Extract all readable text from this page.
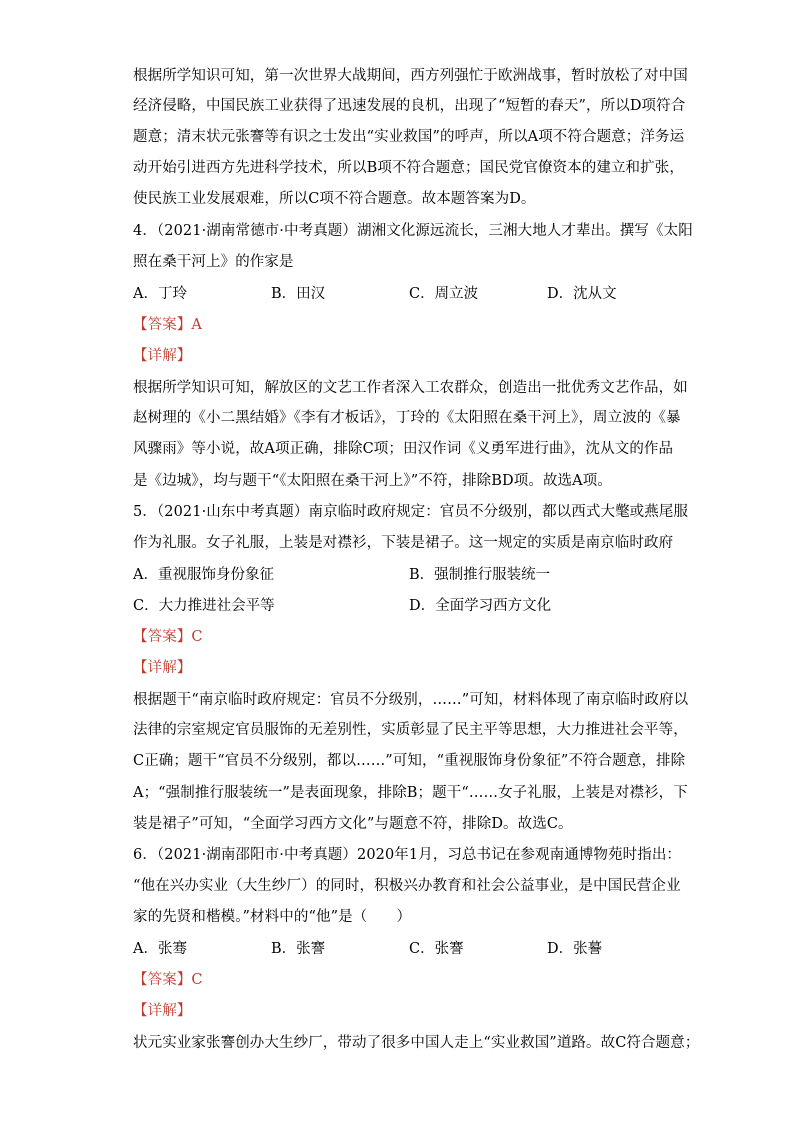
根据所学知识可知，第一次世界大战期间，西方列强忙于欧洲战事，暂时放松了对中国
经济侵略，中国民族工业获得了迅速发展的良机，出现了“短暂的春天”，所以D项符合
题意；清末状元张謇等有识之士发出“实业救国”的呼声，所以A项不符合题意；洋务运
动开始引进西方先进科学技术，所以B项不符合题意；国民党官僚资本的建立和扩张，
使民族工业发展艰难，所以C项不符合题意。故本题答案为D。
4．（2021·湖南常德市·中考真题）湖湘文化源远流长，三湘大地人才辈出。撰写《太阳
照在桑干河上》的作家是
A．丁玲	B．田汉	C．周立波	D．沈从文
【答案】A
【详解】
根据所学知识可知，解放区的文艺工作者深入工农群众，创造出一批优秀文艺作品，如
赵树理的《小二黑结婚》《李有才板话》，丁玲的《太阳照在桑干河上》，周立波的《暴
风骤雨》等小说，故A项正确，排除C项；田汉作词《义勇军进行曲》，沈从文的作品
是《边城》，均与题干“《太阳照在桑干河上》”不符，排除BD项。故选A项。
5．（2021·山东中考真题）南京临时政府规定：官员不分级别，都以西式大氅或燕尾服
作为礼服。女子礼服，上装是对襟衫，下装是裙子。这一规定的实质是南京临时政府
A．重视服饰身份象征	B．强制推行服装统一
C．大力推进社会平等	D．全面学习西方文化
【答案】C
【详解】
根据题干“南京临时政府规定：官员不分级别，……”可知，材料体现了南京临时政府以
法律的宗室规定官员服饰的无差别性，实质彰显了民主平等思想，大力推进社会平等，
C正确；题干“官员不分级别，都以……”可知，“重视服饰身份象征”不符合题意，排除
A；“强制推行服装统一”是表面现象，排除B；题干“……女子礼服，上装是对襟衫，下
装是裙子”可知，“全面学习西方文化”与题意不符，排除D。故选C。
6．（2021·湖南邵阳市·中考真题）2020年1月，习总书记在参观南通博物苑时指出：
“他在兴办实业（大生纱厂）的同时，积极兴办教育和社会公益事业，是中国民营企业
家的先贤和楷模。”材料中的“他”是（　　）
A．张骞	B．张謇	C．张謇	D．张謩
【答案】C
【详解】
状元实业家张謇创办大生纱厂，带动了很多中国人走上“实业救国”道路。故C符合题意；
